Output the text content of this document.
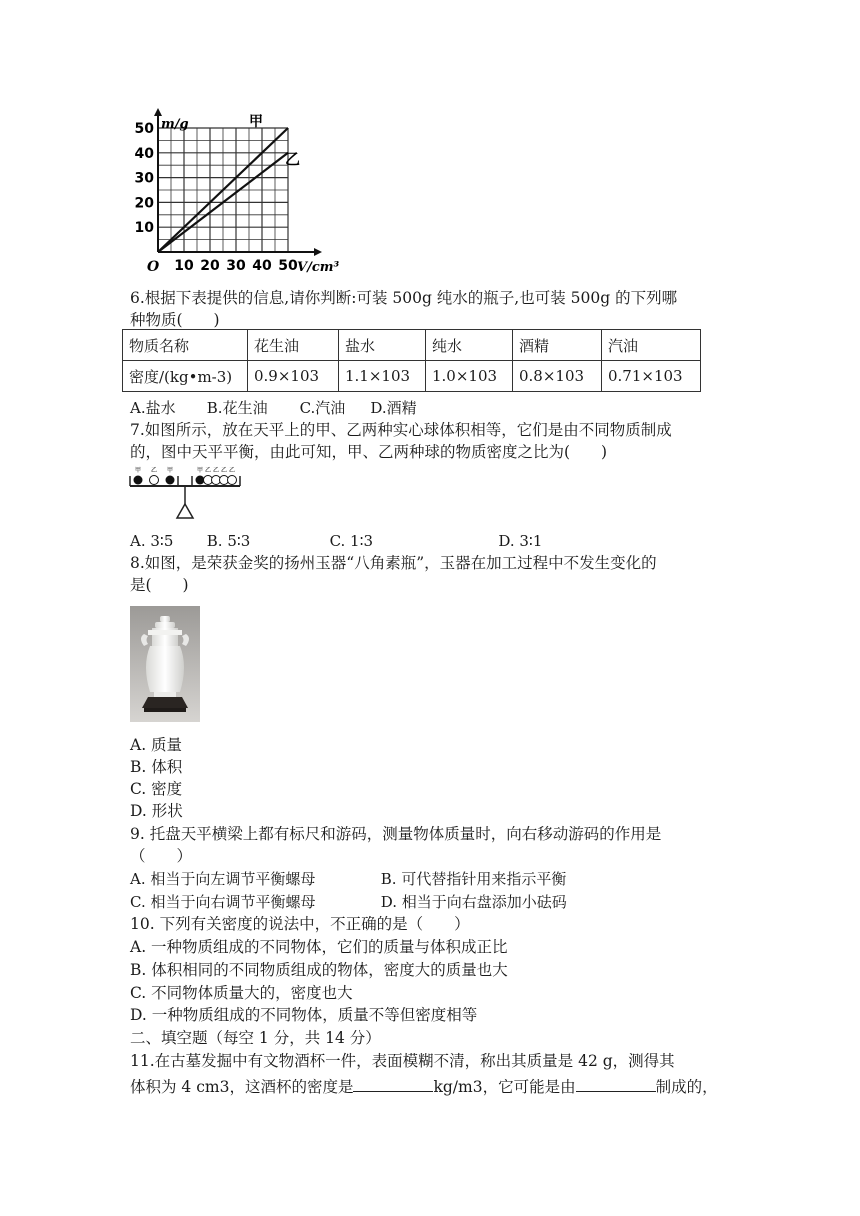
m/g
V/cm³
O
10
20
30
40
50
10 20 30 40 50
甲
乙
6.根据下表提供的信息,请你判断:可装 500g 纯水的瓶子,也可装 500g 的下列哪
种物质(　　)
物质名称	花生油	盐水	纯水	酒精	汽油
密度/(kg•m-3)	0.9×103	1.1×103	1.0×103	0.8×103	0.71×103
A.盐水 B.花生油 C.汽油 D.酒精
7.如图所示，放在天平上的甲、乙两种实心球体积相等，它们是由不同物质制成
的，图中天平平衡，由此可知，甲、乙两种球的物质密度之比为(　　)
甲 乙 甲	甲 乙 乙 乙 乙
A. 3∶5 B. 5∶3	C. 1∶3	D. 3∶1
8.如图，是荣获金奖的扬州玉器“八角素瓶”，玉器在加工过程中不发生变化的
是(　　)
A. 质量
B. 体积
C. 密度
D. 形状
9. 托盘天平横梁上都有标尺和游码，测量物体质量时，向右移动游码的作用是
（　　）
A. 相当于向左调节平衡螺母	B. 可代替指针用来指示平衡
C. 相当于向右调节平衡螺母	D. 相当于向右盘添加小砝码
10. 下列有关密度的说法中，不正确的是（　　）
A. 一种物质组成的不同物体，它们的质量与体积成正比
B. 体积相同的不同物质组成的物体，密度大的质量也大
C. 不同物体质量大的，密度也大
D. 一种物质组成的不同物体，质量不等但密度相等
二、填空题（每空 1 分，共 14 分）
11.在古墓发掘中有文物酒杯一件，表面模糊不清，称出其质量是 42 g，测得其
体积为 4 cm3，这酒杯的密度是	kg/m3，它可能是由	制成的，
